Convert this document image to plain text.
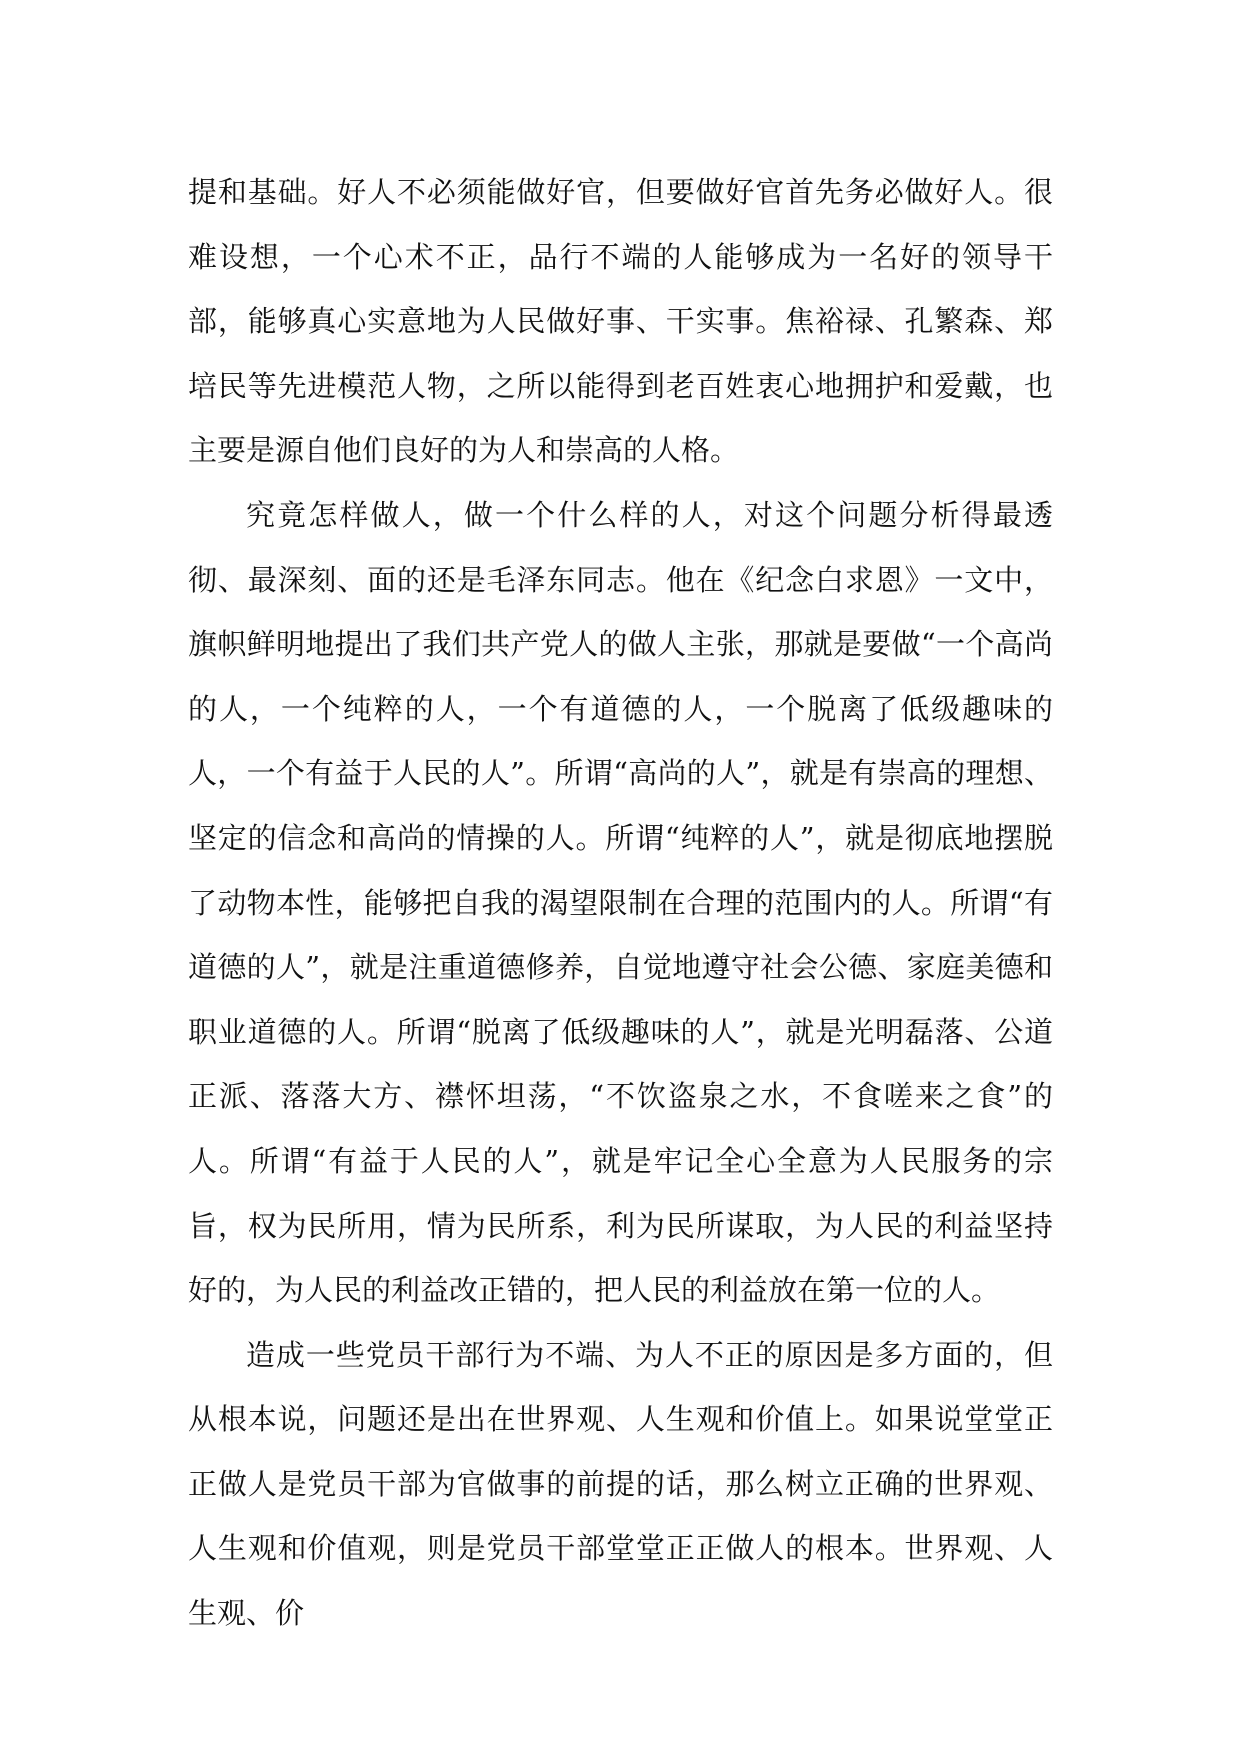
提和基础。好人不必须能做好官，但要做好官首先务必做好人。很难设想，一个心术不正，品行不端的人能够成为一名好的领导干部，能够真心实意地为人民做好事、干实事。焦裕禄、孔繁森、郑培民等先进模范人物，之所以能得到老百姓衷心地拥护和爱戴，也主要是源自他们良好的为人和崇高的人格。

究竟怎样做人，做一个什么样的人，对这个问题分析得最透彻、最深刻、面的还是毛泽东同志。他在《纪念白求恩》一文中，旗帜鲜明地提出了我们共产党人的做人主张，那就是要做“一个高尚的人，一个纯粹的人，一个有道德的人，一个脱离了低级趣味的人，一个有益于人民的人”。所谓“高尚的人”，就是有崇高的理想、坚定的信念和高尚的情操的人。所谓“纯粹的人”，就是彻底地摆脱了动物本性，能够把自我的渴望限制在合理的范围内的人。所谓“有道德的人”，就是注重道德修养，自觉地遵守社会公德、家庭美德和职业道德的人。所谓“脱离了低级趣味的人”，就是光明磊落、公道正派、落落大方、襟怀坦荡，“不饮盗泉之水，不食嗟来之食”的人。所谓“有益于人民的人”，就是牢记全心全意为人民服务的宗旨，权为民所用，情为民所系，利为民所谋取，为人民的利益坚持好的，为人民的利益改正错的，把人民的利益放在第一位的人。

造成一些党员干部行为不端、为人不正的原因是多方面的，但从根本说，问题还是出在世界观、人生观和价值上。如果说堂堂正正做人是党员干部为官做事的前提的话，那么树立正确的世界观、人生观和价值观，则是党员干部堂堂正正做人的根本。世界观、人生观、价
